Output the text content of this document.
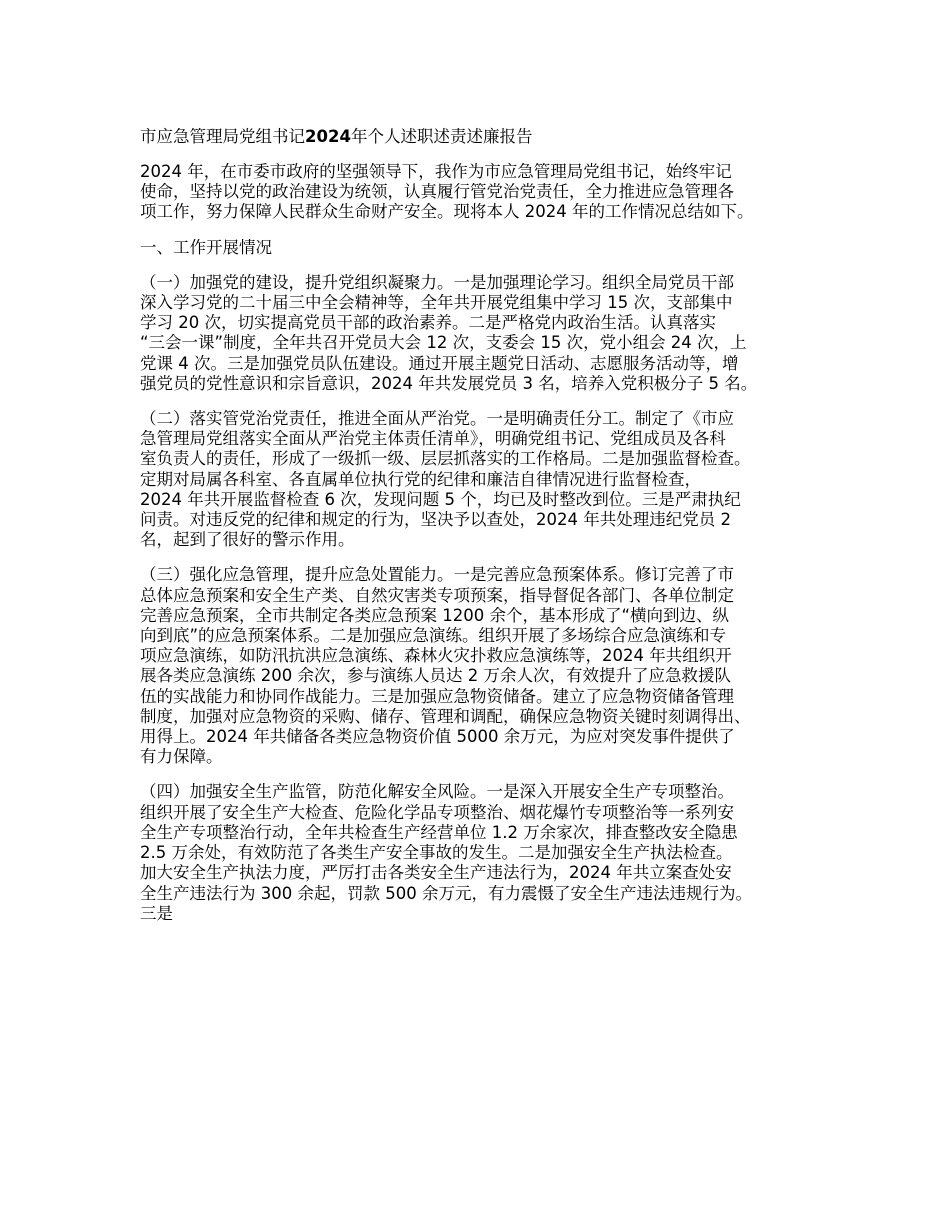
市应急管理局党组书记2024年个人述职述责述廉报告
2024 年，在市委市政府的坚强领导下，我作为市应急管理局党组书记，始终牢记
使命，坚持以党的政治建设为统领，认真履行管党治党责任，全力推进应急管理各
项工作，努力保障人民群众生命财产安全。现将本人 2024 年的工作情况总结如下。
一、工作开展情况
（一）加强党的建设，提升党组织凝聚力。一是加强理论学习。组织全局党员干部
深入学习党的二十届三中全会精神等，全年共开展党组集中学习 15 次，支部集中
学习 20 次，切实提高党员干部的政治素养。二是严格党内政治生活。认真落实
“三会一课”制度，全年共召开党员大会 12 次，支委会 15 次，党小组会 24 次，上
党课 4 次。三是加强党员队伍建设。通过开展主题党日活动、志愿服务活动等，增
强党员的党性意识和宗旨意识，2024 年共发展党员 3 名，培养入党积极分子 5 名。
（二）落实管党治党责任，推进全面从严治党。一是明确责任分工。制定了《市应
急管理局党组落实全面从严治党主体责任清单》，明确党组书记、党组成员及各科
室负责人的责任，形成了一级抓一级、层层抓落实的工作格局。二是加强监督检查。
定期对局属各科室、各直属单位执行党的纪律和廉洁自律情况进行监督检查，
2024 年共开展监督检查 6 次，发现问题 5 个，均已及时整改到位。三是严肃执纪
问责。对违反党的纪律和规定的行为，坚决予以查处，2024 年共处理违纪党员 2
名，起到了很好的警示作用。
（三）强化应急管理，提升应急处置能力。一是完善应急预案体系。修订完善了市
总体应急预案和安全生产类、自然灾害类专项预案，指导督促各部门、各单位制定
完善应急预案，全市共制定各类应急预案 1200 余个，基本形成了“横向到边、纵
向到底”的应急预案体系。二是加强应急演练。组织开展了多场综合应急演练和专
项应急演练，如防汛抗洪应急演练、森林火灾扑救应急演练等，2024 年共组织开
展各类应急演练 200 余次，参与演练人员达 2 万余人次，有效提升了应急救援队
伍的实战能力和协同作战能力。三是加强应急物资储备。建立了应急物资储备管理
制度，加强对应急物资的采购、储存、管理和调配，确保应急物资关键时刻调得出、
用得上。2024 年共储备各类应急物资价值 5000 余万元，为应对突发事件提供了
有力保障。
（四）加强安全生产监管，防范化解安全风险。一是深入开展安全生产专项整治。
组织开展了安全生产大检查、危险化学品专项整治、烟花爆竹专项整治等一系列安
全生产专项整治行动，全年共检查生产经营单位 1.2 万余家次，排查整改安全隐患
2.5 万余处，有效防范了各类生产安全事故的发生。二是加强安全生产执法检查。
加大安全生产执法力度，严厉打击各类安全生产违法行为，2024 年共立案查处安
全生产违法行为 300 余起，罚款 500 余万元，有力震慑了安全生产违法违规行为。
三是
